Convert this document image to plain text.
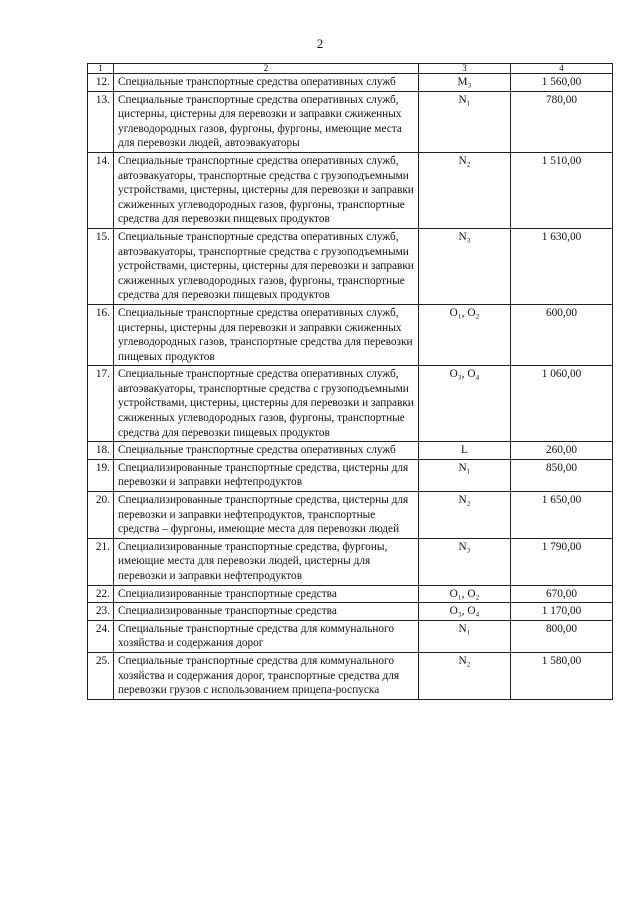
2
1	2	3	4
12.	Специальные транспортные средства оперативных служб	M₃	1 560,00
13.	Специальные транспортные средства оперативных служб, цистерны, цистерны для перевозки и заправки сжиженных углеводородных газов, фургоны, фургоны, имеющие места для перевозки людей, автоэвакуаторы	N₁	780,00
14.	Специальные транспортные средства оперативных служб, автоэвакуаторы, транспортные средства с грузоподъемными устройствами, цистерны, цистерны для перевозки и заправки сжиженных углеводородных газов, фургоны, транспортные средства для перевозки пищевых продуктов	N₂	1 510,00
15.	Специальные транспортные средства оперативных служб, автоэвакуаторы, транспортные средства с грузоподъемными устройствами, цистерны, цистерны для перевозки и заправки сжиженных углеводородных газов, фургоны, транспортные средства для перевозки пищевых продуктов	N₃	1 630,00
16.	Специальные транспортные средства оперативных служб, цистерны, цистерны для перевозки и заправки сжиженных углеводородных газов, транспортные средства для перевозки пищевых продуктов	O₁, O₂	600,00
17.	Специальные транспортные средства оперативных служб, автоэвакуаторы, транспортные средства с грузоподъемными устройствами, цистерны, цистерны для перевозки и заправки сжиженных углеводородных газов, фургоны, транспортные средства для перевозки пищевых продуктов	O₃, O₄	1 060,00
18.	Специальные транспортные средства оперативных служб	L	260,00
19.	Специализированные транспортные средства, цистерны для перевозки и заправки нефтепродуктов	N₁	850,00
20.	Специализированные транспортные средства, цистерны для перевозки и заправки нефтепродуктов, транспортные средства – фургоны, имеющие места для перевозки людей	N₂	1 650,00
21.	Специализированные транспортные средства, фургоны, имеющие места для перевозки людей, цистерны для перевозки и заправки нефтепродуктов	N₃	1 790,00
22.	Специализированные транспортные средства	O₁, O₂	670,00
23.	Специализированные транспортные средства	O₃, O₄	1 170,00
24.	Специальные транспортные средства для коммунального хозяйства и содержания дорог	N₁	800,00
25.	Специальные транспортные средства для коммунального хозяйства и содержания дорог, транспортные средства для перевозки грузов с использованием прицепа-роспуска	N₂	1 580,00
